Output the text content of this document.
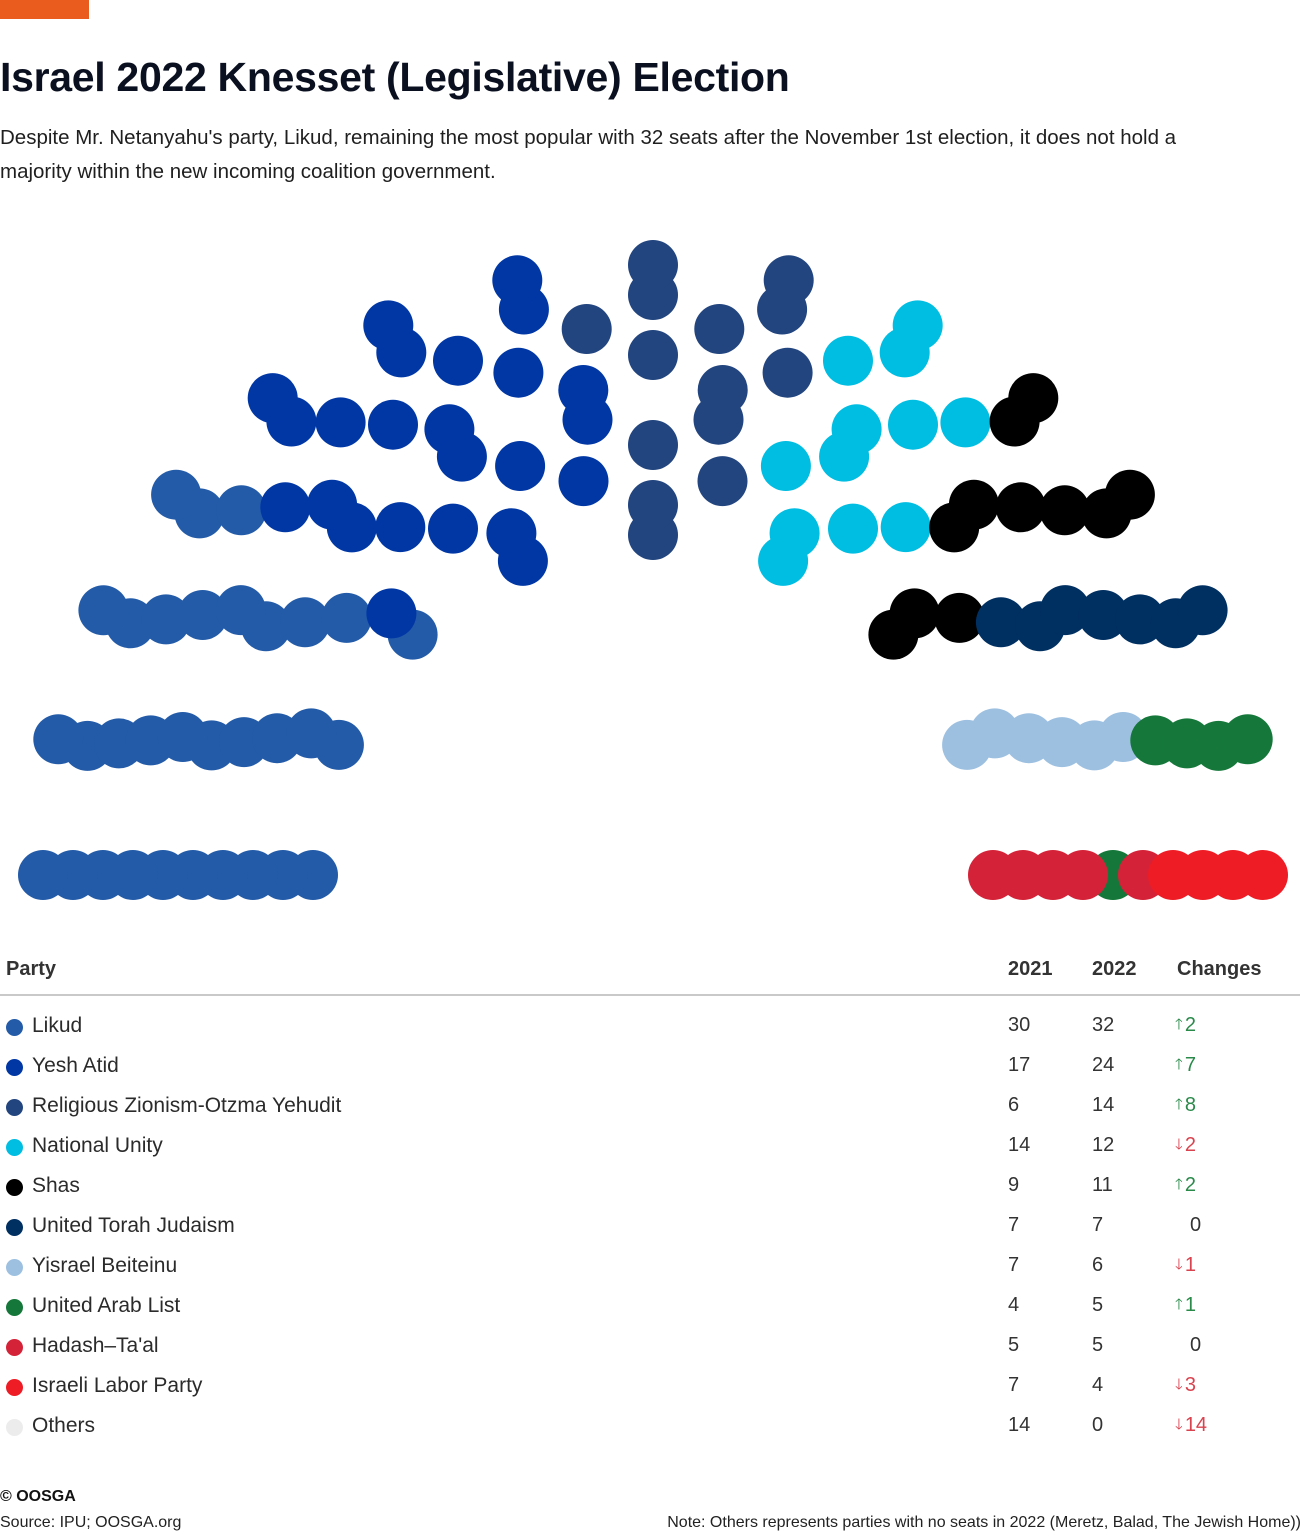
Israel 2022 Knesset (Legislative) Election

Despite Mr. Netanyahu's party, Likud, remaining the most popular with 32 seats after the November 1st election, it does not hold a majority within the new incoming coalition government.

Party	2021 2022 Changes
Likud	30	32	🡑 2
Yesh Atid	17	24	🡑 7
Religious Zionism-Otzma Yehudit	6	14	🡑 8
National Unity	14	12	🡓 2
Shas	9	11	🡑 2
United Torah Judaism	7	7	0
Yisrael Beiteinu	7	6	🡓 1
United Arab List	4	5	🡑 1
Hadash–Ta'al	5	5	0
Israeli Labor Party	7	4	🡓 3
Others	14	0	🡓 14
© OOSGA
Source: IPU; OOSGA.org	Note: Others represents parties with no seats in 2022 (Meretz, Balad, The Jewish Home))
